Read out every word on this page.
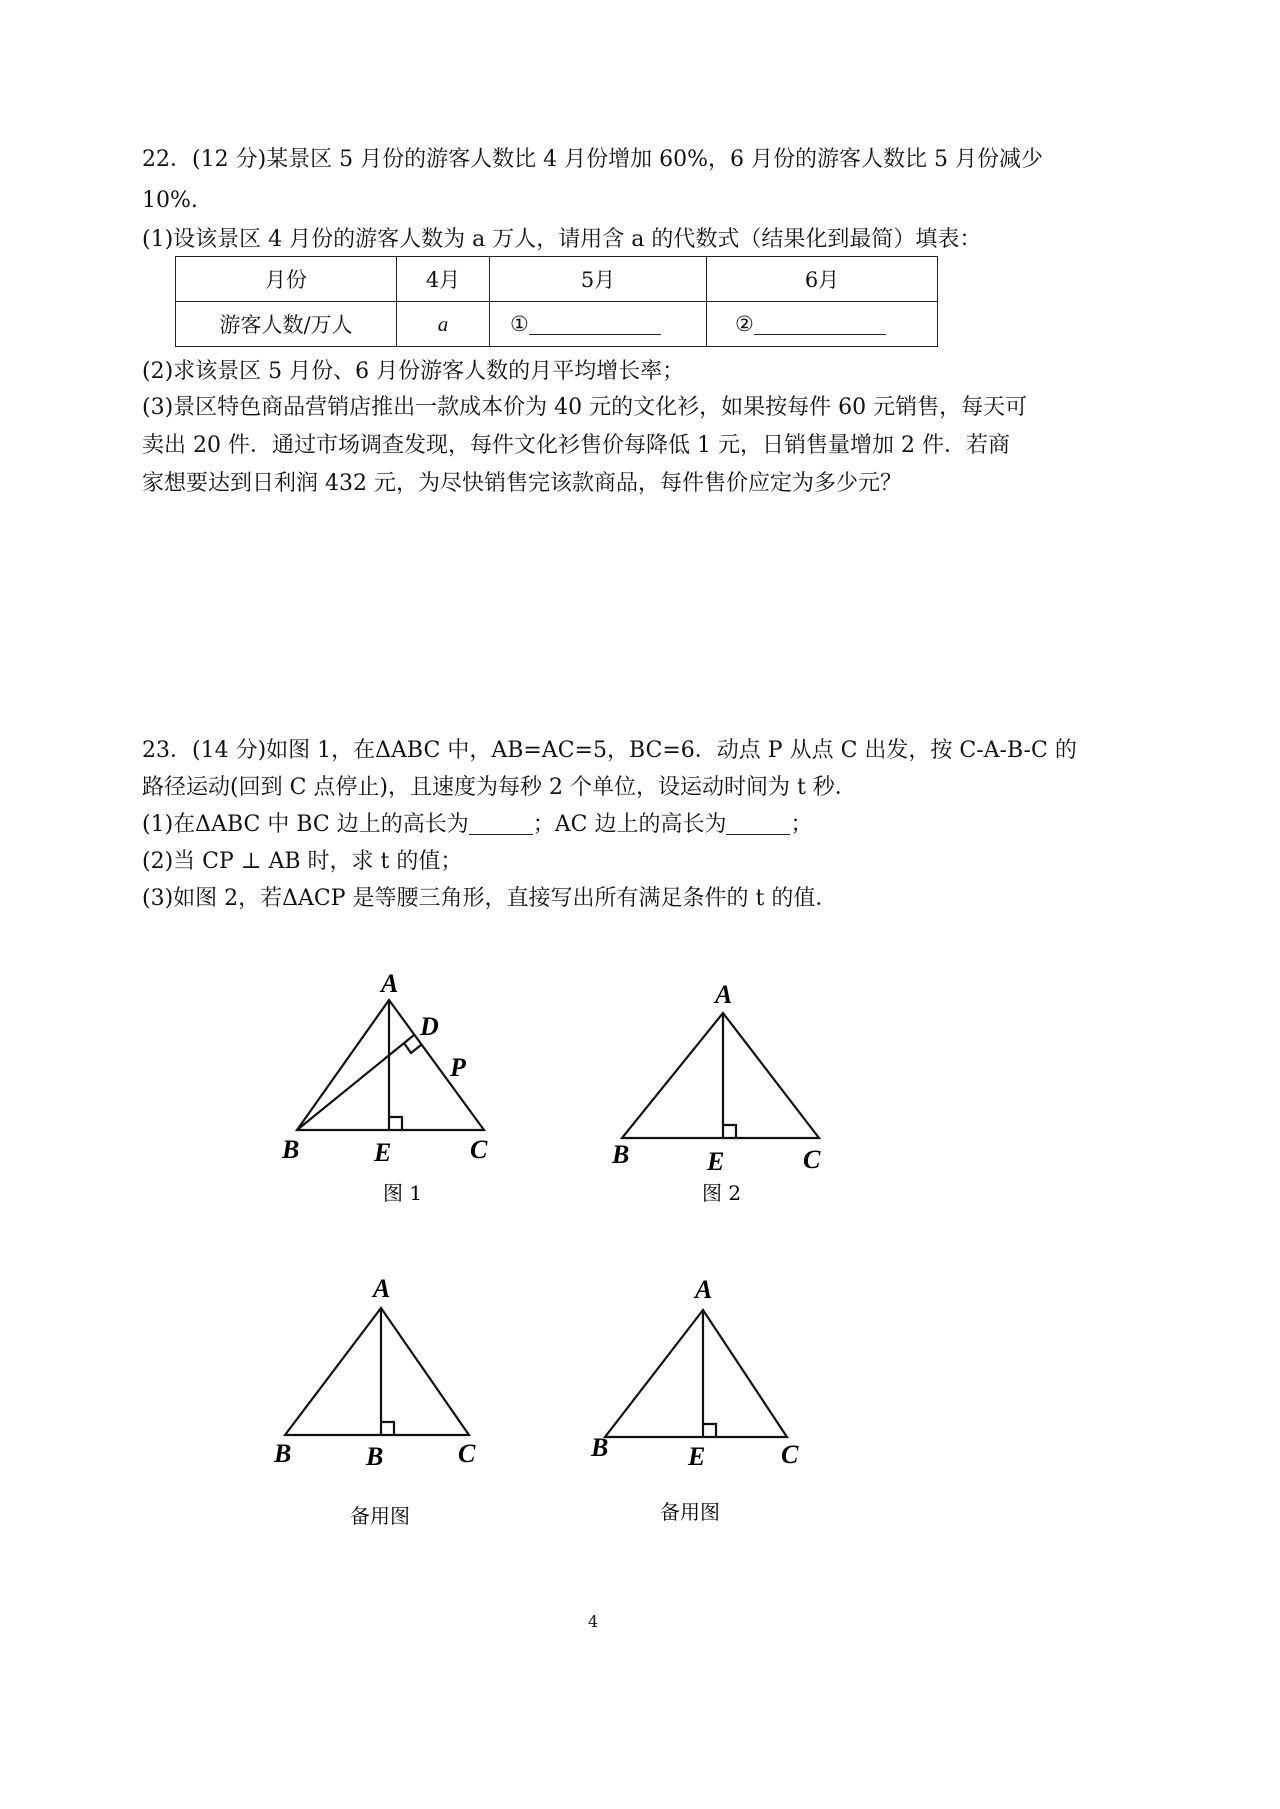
22．(12 分)某景区 5 月份的游客人数比 4 月份增加 60%，6 月份的游客人数比 5 月份减少
10%.
(1)设该景区 4 月份的游客人数为 a 万人，请用含 a 的代数式（结果化到最简）填表：
月份	4月	5月	6月
游客人数/万人	a	①	②
(2)求该景区 5 月份、6 月份游客人数的月平均增长率；
(3)景区特色商品营销店推出一款成本价为 40 元的文化衫，如果按每件 60 元销售，每天可
卖出 20 件．通过市场调查发现，每件文化衫售价每降低 1 元，日销售量增加 2 件．若商
家想要达到日利润 432 元，为尽快销售完该款商品，每件售价应定为多少元？
23．(14 分)如图 1，在ΔABC 中，AB=AC=5，BC=6．动点 P 从点 C 出发，按 C-A-B-C 的
路径运动(回到 C 点停止)，且速度为每秒 2 个单位，设运动时间为 t 秒．
(1)在ΔABC 中 BC 边上的高长为	；AC 边上的高长为	；
(2)当 CP ⊥ AB 时，求 t 的值；
(3)如图 2，若ΔACP 是等腰三角形，直接写出所有满足条件的 t 的值．
A
D
P
B	E	C
图 1
A
B	E	C
图 2
A
B	B	C
备用图
A
B	E	C
备用图
4
